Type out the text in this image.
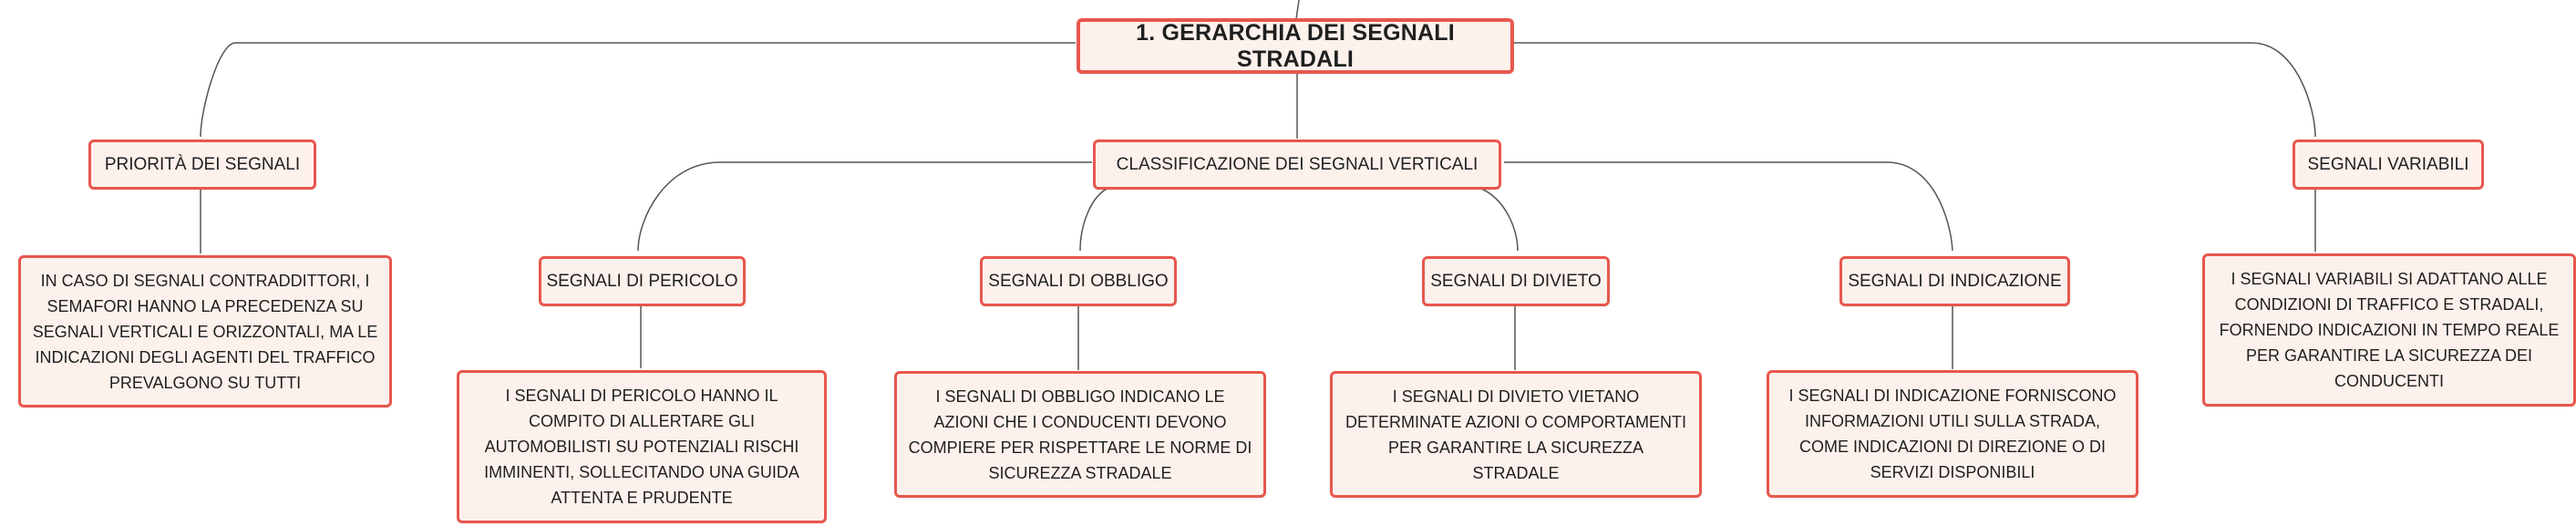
1. GERARCHIA DEI SEGNALI STRADALI
PRIORITÀ DEI SEGNALI	CLASSIFICAZIONE DEI SEGNALI VERTICALI	SEGNALI VARIABILI
SEGNALI DI PERICOLO	SEGNALI DI OBBLIGO	SEGNALI DI DIVIETO	SEGNALI DI INDICAZIONE
IN CASO DI SEGNALI CONTRADDITTORI, I SEMAFORI HANNO LA PRECEDENZA SU SEGNALI VERTICALI E ORIZZONTALI, MA LE INDICAZIONI DEGLI AGENTI DEL TRAFFICO PREVALGONO SU TUTTI
I SEGNALI DI PERICOLO HANNO IL COMPITO DI ALLERTARE GLI AUTOMOBILISTI SU POTENZIALI RISCHI IMMINENTI, SOLLECITANDO UNA GUIDA ATTENTA E PRUDENTE
I SEGNALI DI OBBLIGO INDICANO LE AZIONI CHE I CONDUCENTI DEVONO COMPIERE PER RISPETTARE LE NORME DI SICUREZZA STRADALE
I SEGNALI DI DIVIETO VIETANO DETERMINATE AZIONI O COMPORTAMENTI PER GARANTIRE LA SICUREZZA STRADALE
I SEGNALI DI INDICAZIONE FORNISCONO INFORMAZIONI UTILI SULLA STRADA, COME INDICAZIONI DI DIREZIONE O DI SERVIZI DISPONIBILI
I SEGNALI VARIABILI SI ADATTANO ALLE CONDIZIONI DI TRAFFICO E STRADALI, FORNENDO INDICAZIONI IN TEMPO REALE PER GARANTIRE LA SICUREZZA DEI CONDUCENTI
